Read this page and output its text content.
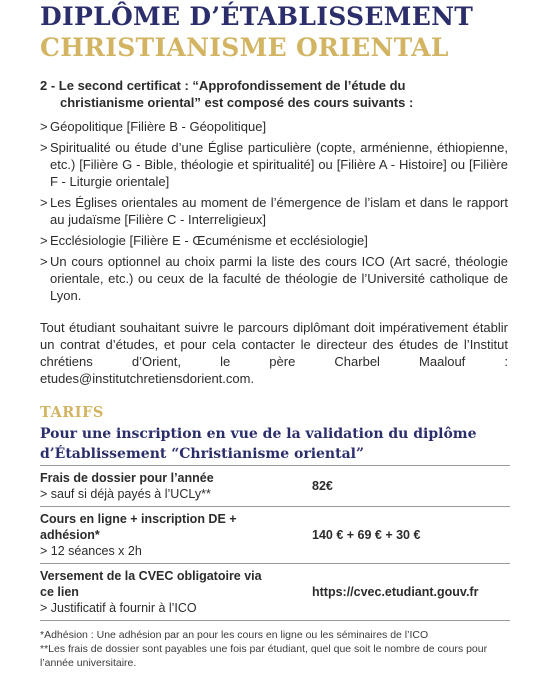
DIPLÔME D’ÉTABLISSEMENT
CHRISTIANISME ORIENTAL
2 - Le second certificat : “Approfondissement de l’étude du
christianisme oriental” est composé des cours suivants :
> Géopolitique [Filière B - Géopolitique]
> Spiritualité ou étude d’une Église particulière (copte, arménienne, éthiopienne, etc.) [Filière G - Bible, théologie et spiritualité] ou [Filière A - Histoire] ou [Filière F - Liturgie orientale]
> Les Églises orientales au moment de l’émergence de l’islam et dans le rapport au judaïsme [Filière C - Interreligieux]
> Ecclésiologie [Filière E - Œcuménisme et ecclésiologie]
> Un cours optionnel au choix parmi la liste des cours ICO (Art sacré, théologie orientale, etc.) ou ceux de la faculté de théologie de l’Université catholique de Lyon.

Tout étudiant souhaitant suivre le parcours diplômant doit impérativement établir un contrat d’études, et pour cela contacter le directeur des études de l’Institut chrétiens d’Orient, le père Charbel Maalouf : etudes@institutchretiensdorient.com.

TARIFS
Pour une inscription en vue de la validation du diplôme d’Établissement “Christianisme oriental”
Frais de dossier pour l’année
> sauf si déjà payés à l’UCLy**
82€
Cours en ligne + inscription DE + adhésion*
> 12 séances x 2h
140 € + 69 € + 30 €
Versement de la CVEC obligatoire via ce lien
> Justificatif à fournir à l’ICO
https://cvec.etudiant.gouv.fr
*Adhésion : Une adhésion par an pour les cours en ligne ou les séminaires de l’ICO
**Les frais de dossier sont payables une fois par étudiant, quel que soit le nombre de cours pour l’année universitaire.
